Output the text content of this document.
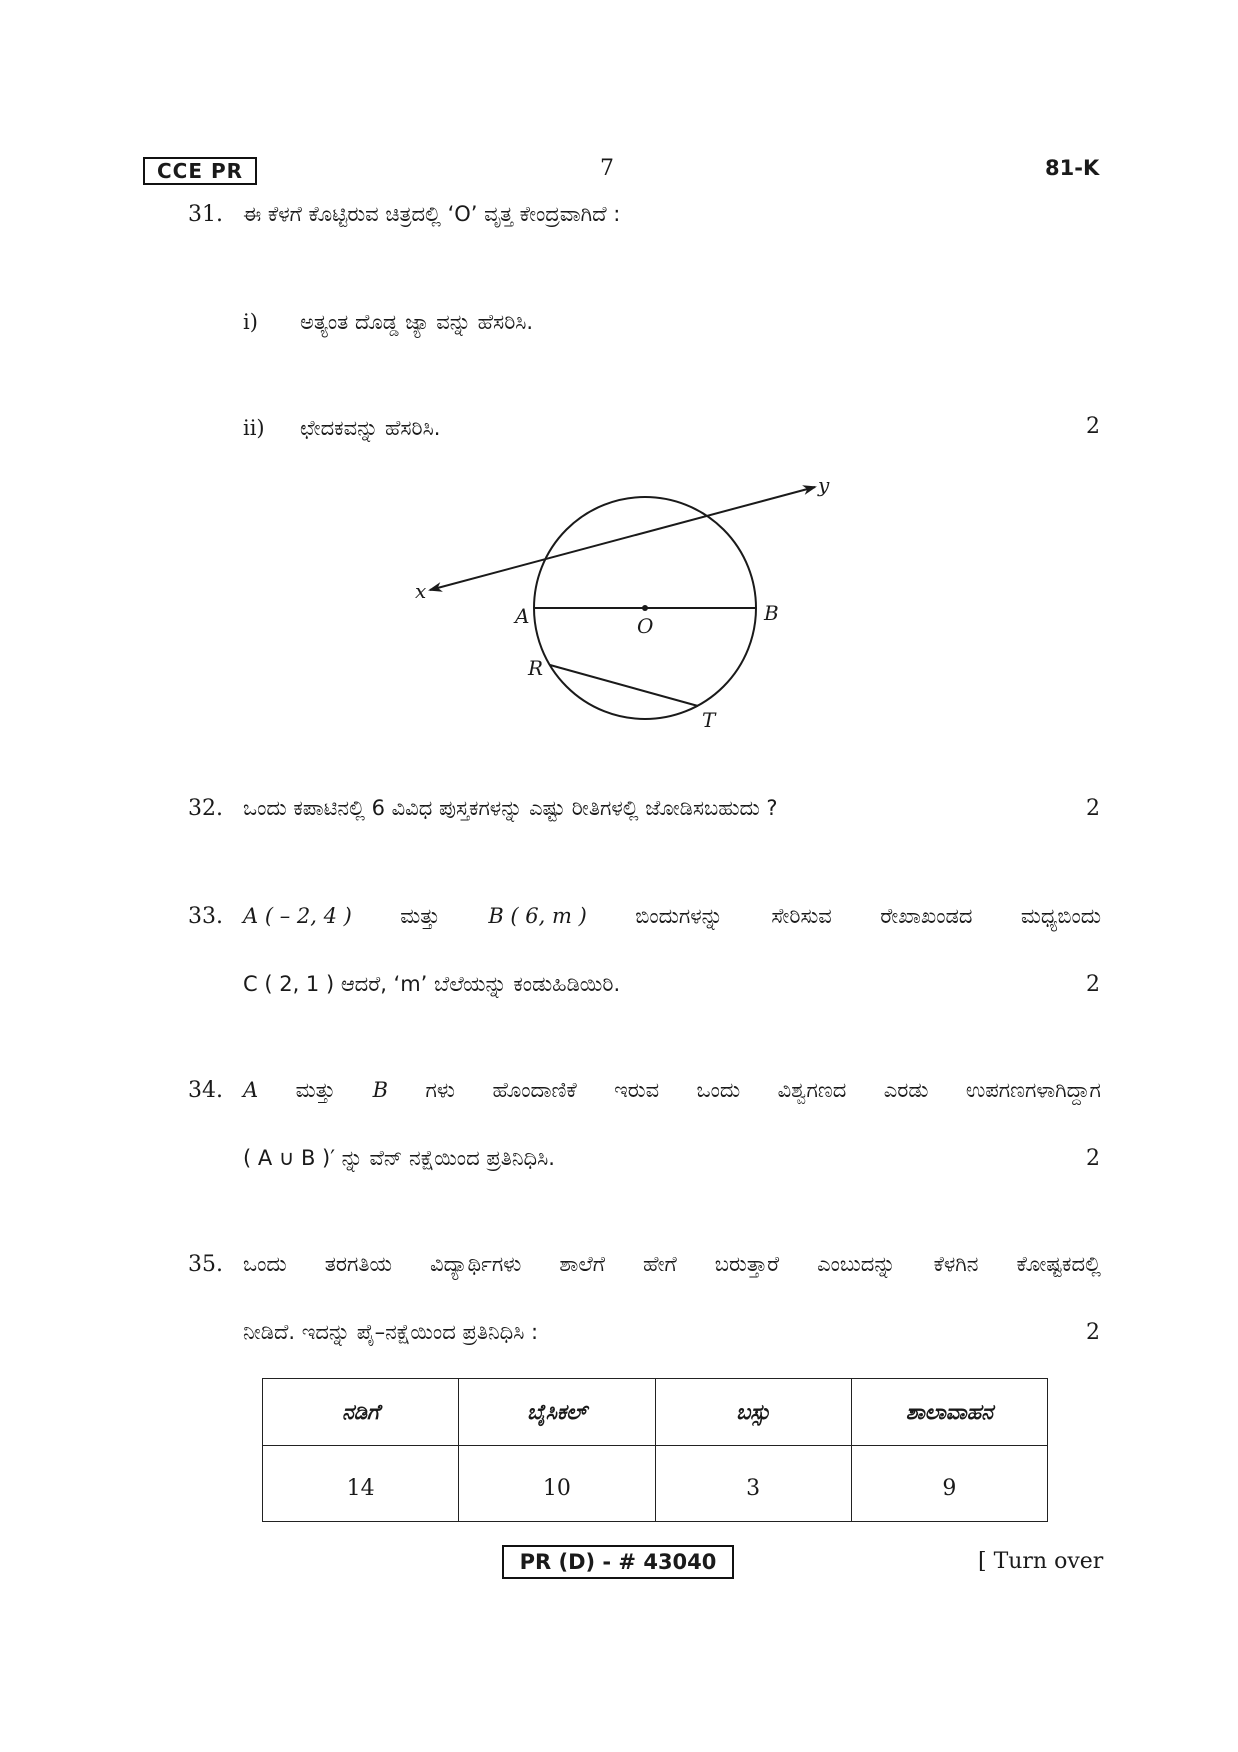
CCE PR	7	81-K
31. ಈ ಕೆಳಗೆ ಕೊಟ್ಟಿರುವ ಚಿತ್ರದಲ್ಲಿ ‘O’ ವೃತ್ತ ಕೇಂದ್ರವಾಗಿದೆ :
i) ಅತ್ಯಂತ ದೊಡ್ಡ ಜ್ಯಾ ವನ್ನು ಹೆಸರಿಸಿ.
ii) ಛೇದಕವನ್ನು ಹೆಸರಿಸಿ.	2
x
y
A	B
O
R
T
32. ಒಂದು ಕಪಾಟಿನಲ್ಲಿ 6 ವಿವಿಧ ಪುಸ್ತಕಗಳನ್ನು ಎಷ್ಟು ರೀತಿಗಳಲ್ಲಿ ಜೋಡಿಸಬಹುದು ?	2
33. A ( – 2, 4 ) ಮತ್ತು B ( 6, m ) ಬಿಂದುಗಳನ್ನು ಸೇರಿಸುವ ರೇಖಾಖಂಡದ ಮಧ್ಯಬಿಂದು
C ( 2, 1 ) ಆದರೆ, ‘m’ ಬೆಲೆಯನ್ನು ಕಂಡುಹಿಡಿಯಿರಿ.	2
34. A ಮತ್ತು B ಗಳು ಹೊಂದಾಣಿಕೆ ಇರುವ ಒಂದು ವಿಶ್ವಗಣದ ಎರಡು ಉಪಗಣಗಳಾಗಿದ್ದಾಗ
( A ∪ B )′ ನ್ನು ವೆನ್ ನಕ್ಷೆಯಿಂದ ಪ್ರತಿನಿಧಿಸಿ.	2
35. ಒಂದು ತರಗತಿಯ ವಿದ್ಯಾರ್ಥಿಗಳು ಶಾಲೆಗೆ ಹೇಗೆ ಬರುತ್ತಾರೆ ಎಂಬುದನ್ನು ಕೆಳಗಿನ ಕೋಷ್ಟಕದಲ್ಲಿ
ನೀಡಿದೆ. ಇದನ್ನು ಪೈ–ನಕ್ಷೆಯಿಂದ ಪ್ರತಿನಿಧಿಸಿ :	2
ನಡಿಗೆ	ಬೈಸಿಕಲ್	ಬಸ್ಸು	ಶಾಲಾವಾಹನ
14	10	3	9
PR (D) - # 43040	[ Turn over
